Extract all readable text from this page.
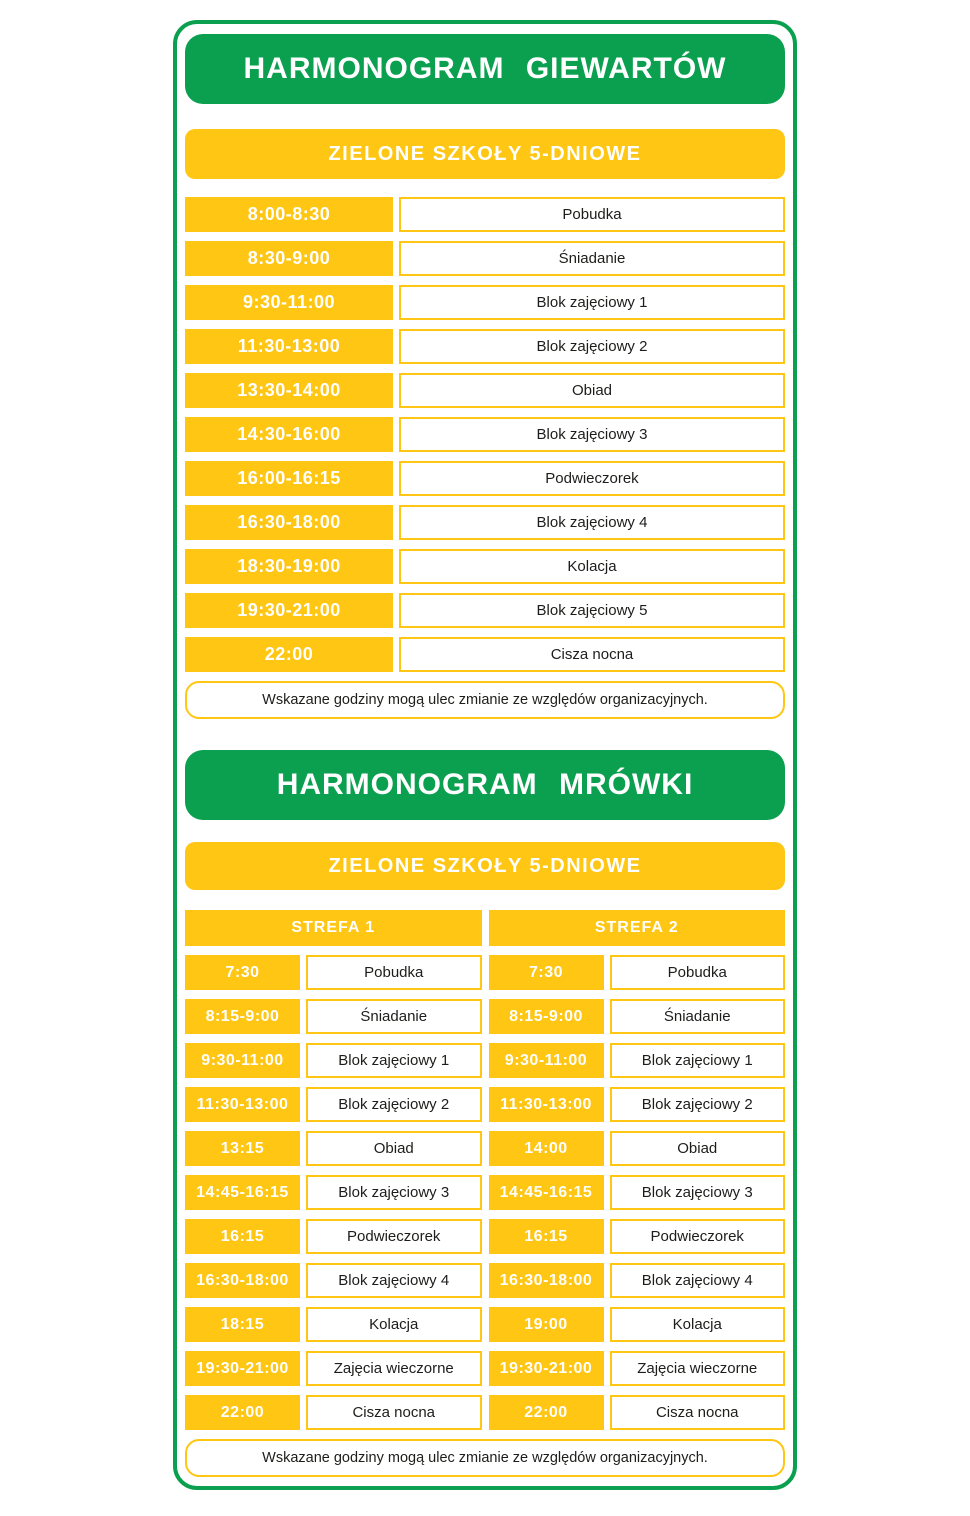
HARMONOGRAM GIEWARTÓW
ZIELONE SZKOŁY 5-DNIOWE
8:00-8:30	Pobudka
8:30-9:00	Śniadanie
9:30-11:00	Blok zajęciowy 1
11:30-13:00	Blok zajęciowy 2
13:30-14:00	Obiad
14:30-16:00	Blok zajęciowy 3
16:00-16:15	Podwieczorek
16:30-18:00	Blok zajęciowy 4
18:30-19:00	Kolacja
19:30-21:00	Blok zajęciowy 5
22:00	Cisza nocna
Wskazane godziny mogą ulec zmianie ze względów organizacyjnych.
HARMONOGRAM MRÓWKI
ZIELONE SZKOŁY 5-DNIOWE
STREFA 1
7:30	Pobudka
8:15-9:00	Śniadanie
9:30-11:00	Blok zajęciowy 1
11:30-13:00	Blok zajęciowy 2
13:15	Obiad
14:45-16:15	Blok zajęciowy 3
16:15	Podwieczorek
16:30-18:00	Blok zajęciowy 4
18:15	Kolacja
19:30-21:00	Zajęcia wieczorne
22:00	Cisza nocna
STREFA 2
7:30	Pobudka
8:15-9:00	Śniadanie
9:30-11:00	Blok zajęciowy 1
11:30-13:00	Blok zajęciowy 2
14:00	Obiad
14:45-16:15	Blok zajęciowy 3
16:15	Podwieczorek
16:30-18:00	Blok zajęciowy 4
19:00	Kolacja
19:30-21:00	Zajęcia wieczorne
22:00	Cisza nocna
Wskazane godziny mogą ulec zmianie ze względów organizacyjnych.
